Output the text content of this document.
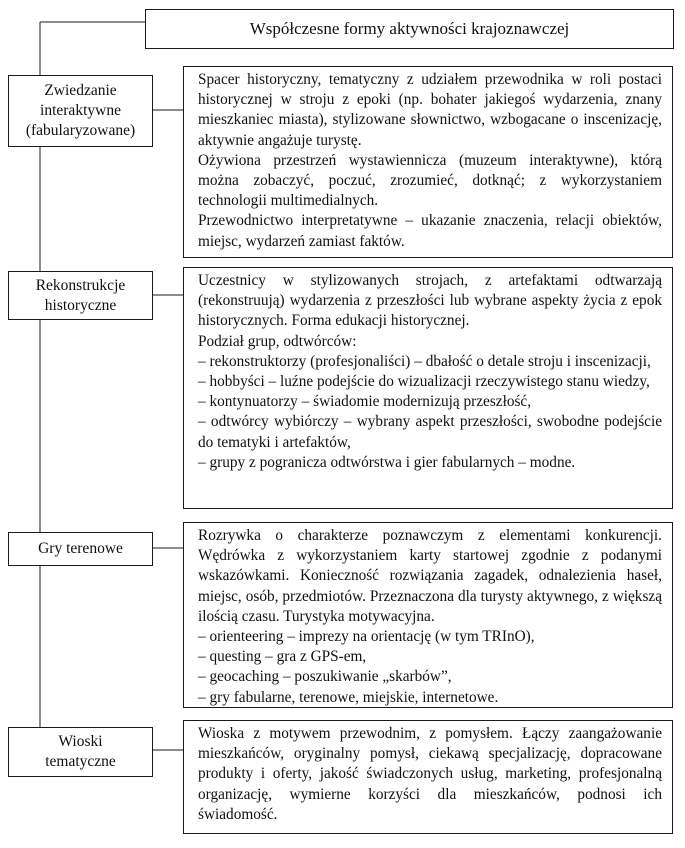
Współczesne formy aktywności krajoznawczej
Zwiedzanie
interaktywne
(fabularyzowane)

Spacer historyczny, tematyczny z udziałem przewodnika w roli postaci historycznej w stroju z epoki (np. bohater jakiegoś wydarzenia, znany mieszkaniec miasta), stylizowane słownictwo, wzbogacane o inscenizację, aktywnie angażuje turystę.

Ożywiona przestrzeń wystawiennicza (muzeum interaktywne), którą można zobaczyć, poczuć, zrozumieć, dotknąć; z wykorzystaniem technologii multimedialnych.

Przewodnictwo interpretatywne – ukazanie znaczenia, relacji obiektów, miejsc, wydarzeń zamiast faktów.

Rekonstrukcje
historyczne

Uczestnicy w stylizowanych strojach, z artefaktami odtwarzają (rekonstruują) wydarzenia z przeszłości lub wybrane aspekty życia z epok historycznych. Forma edukacji historycznej.

Podział grup, odtwórców:

– rekonstruktorzy (profesjonaliści) – dbałość o detale stroju i inscenizacji,

– hobbyści – luźne podejście do wizualizacji rzeczywistego stanu wiedzy,

– kontynuatorzy – świadomie modernizują przeszłość,

– odtwórcy wybiórczy – wybrany aspekt przeszłości, swobodne podejście do tematyki i artefaktów,

– grupy z pogranicza odtwórstwa i gier fabularnych – modne.

Gry terenowe

Rozrywka o charakterze poznawczym z elementami konkurencji. Wędrówka z wykorzystaniem karty startowej zgodnie z podanymi wskazówkami. Konieczność rozwiązania zagadek, odnalezienia haseł, miejsc, osób, przedmiotów. Przeznaczona dla turysty aktywnego, z większą ilością czasu. Turystyka motywacyjna.

– orienteering – imprezy na orientację (w tym TRInO),

– questing – gra z GPS-em,

– geocaching – poszukiwanie „skarbów”,

– gry fabularne, terenowe, miejskie, internetowe.

Wioski
tematyczne

Wioska z motywem przewodnim, z pomysłem. Łączy zaangażowanie mieszkańców, oryginalny pomysł, ciekawą specjalizację, dopracowane produkty i oferty, jakość świadczonych usług, marketing, profesjonalną organizację, wymierne korzyści dla mieszkańców, podnosi ich świadomość.
